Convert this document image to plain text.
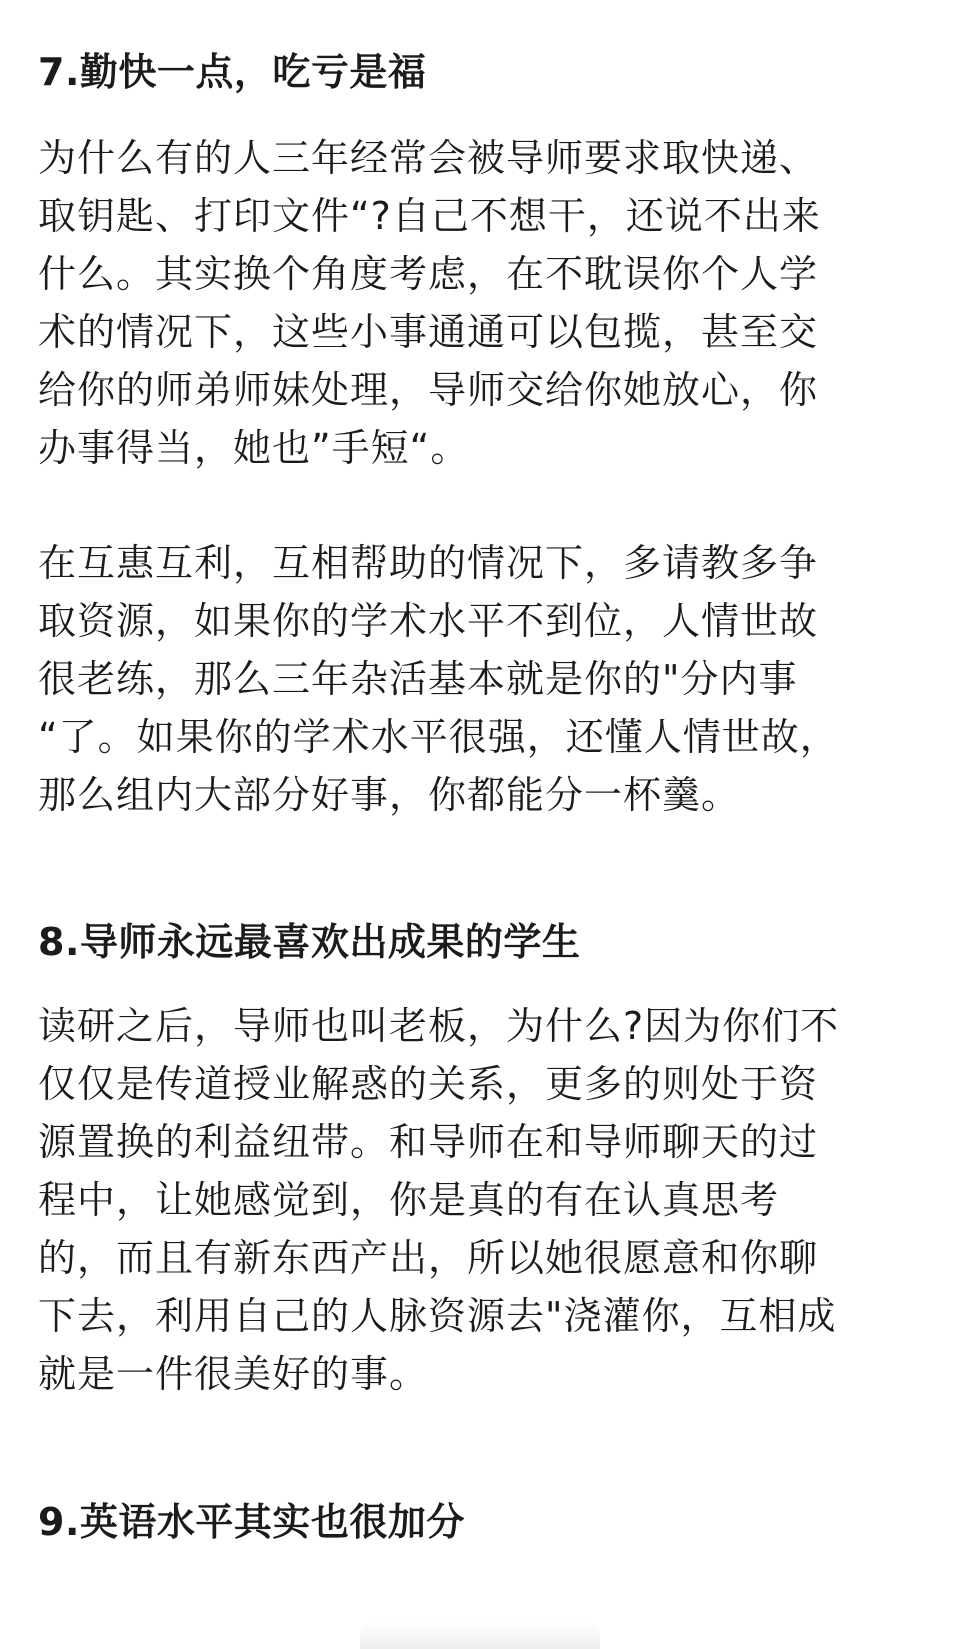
7.勤快一点，吃亏是福
为什么有的人三年经常会被导师要求取快递、
取钥匙、打印文件“?自己不想干，还说不出来
什么。其实换个角度考虑，在不耽误你个人学
术的情况下，这些小事通通可以包揽，甚至交
给你的师弟师妹处理，导师交给你她放心，你
办事得当，她也”手短“。
在互惠互利，互相帮助的情况下，多请教多争
取资源，如果你的学术水平不到位，人情世故
很老练，那么三年杂活基本就是你的"分内事
“了。如果你的学术水平很强，还懂人情世故，
那么组内大部分好事，你都能分一杯羹。
8.导师永远最喜欢出成果的学生
读研之后，导师也叫老板，为什么?因为你们不
仅仅是传道授业解惑的关系，更多的则处于资
源置换的利益纽带。和导师在和导师聊天的过
程中，让她感觉到，你是真的有在认真思考
的，而且有新东西产出，所以她很愿意和你聊
下去，利用自己的人脉资源去"浇灌你，互相成
就是一件很美好的事。
9.英语水平其实也很加分
